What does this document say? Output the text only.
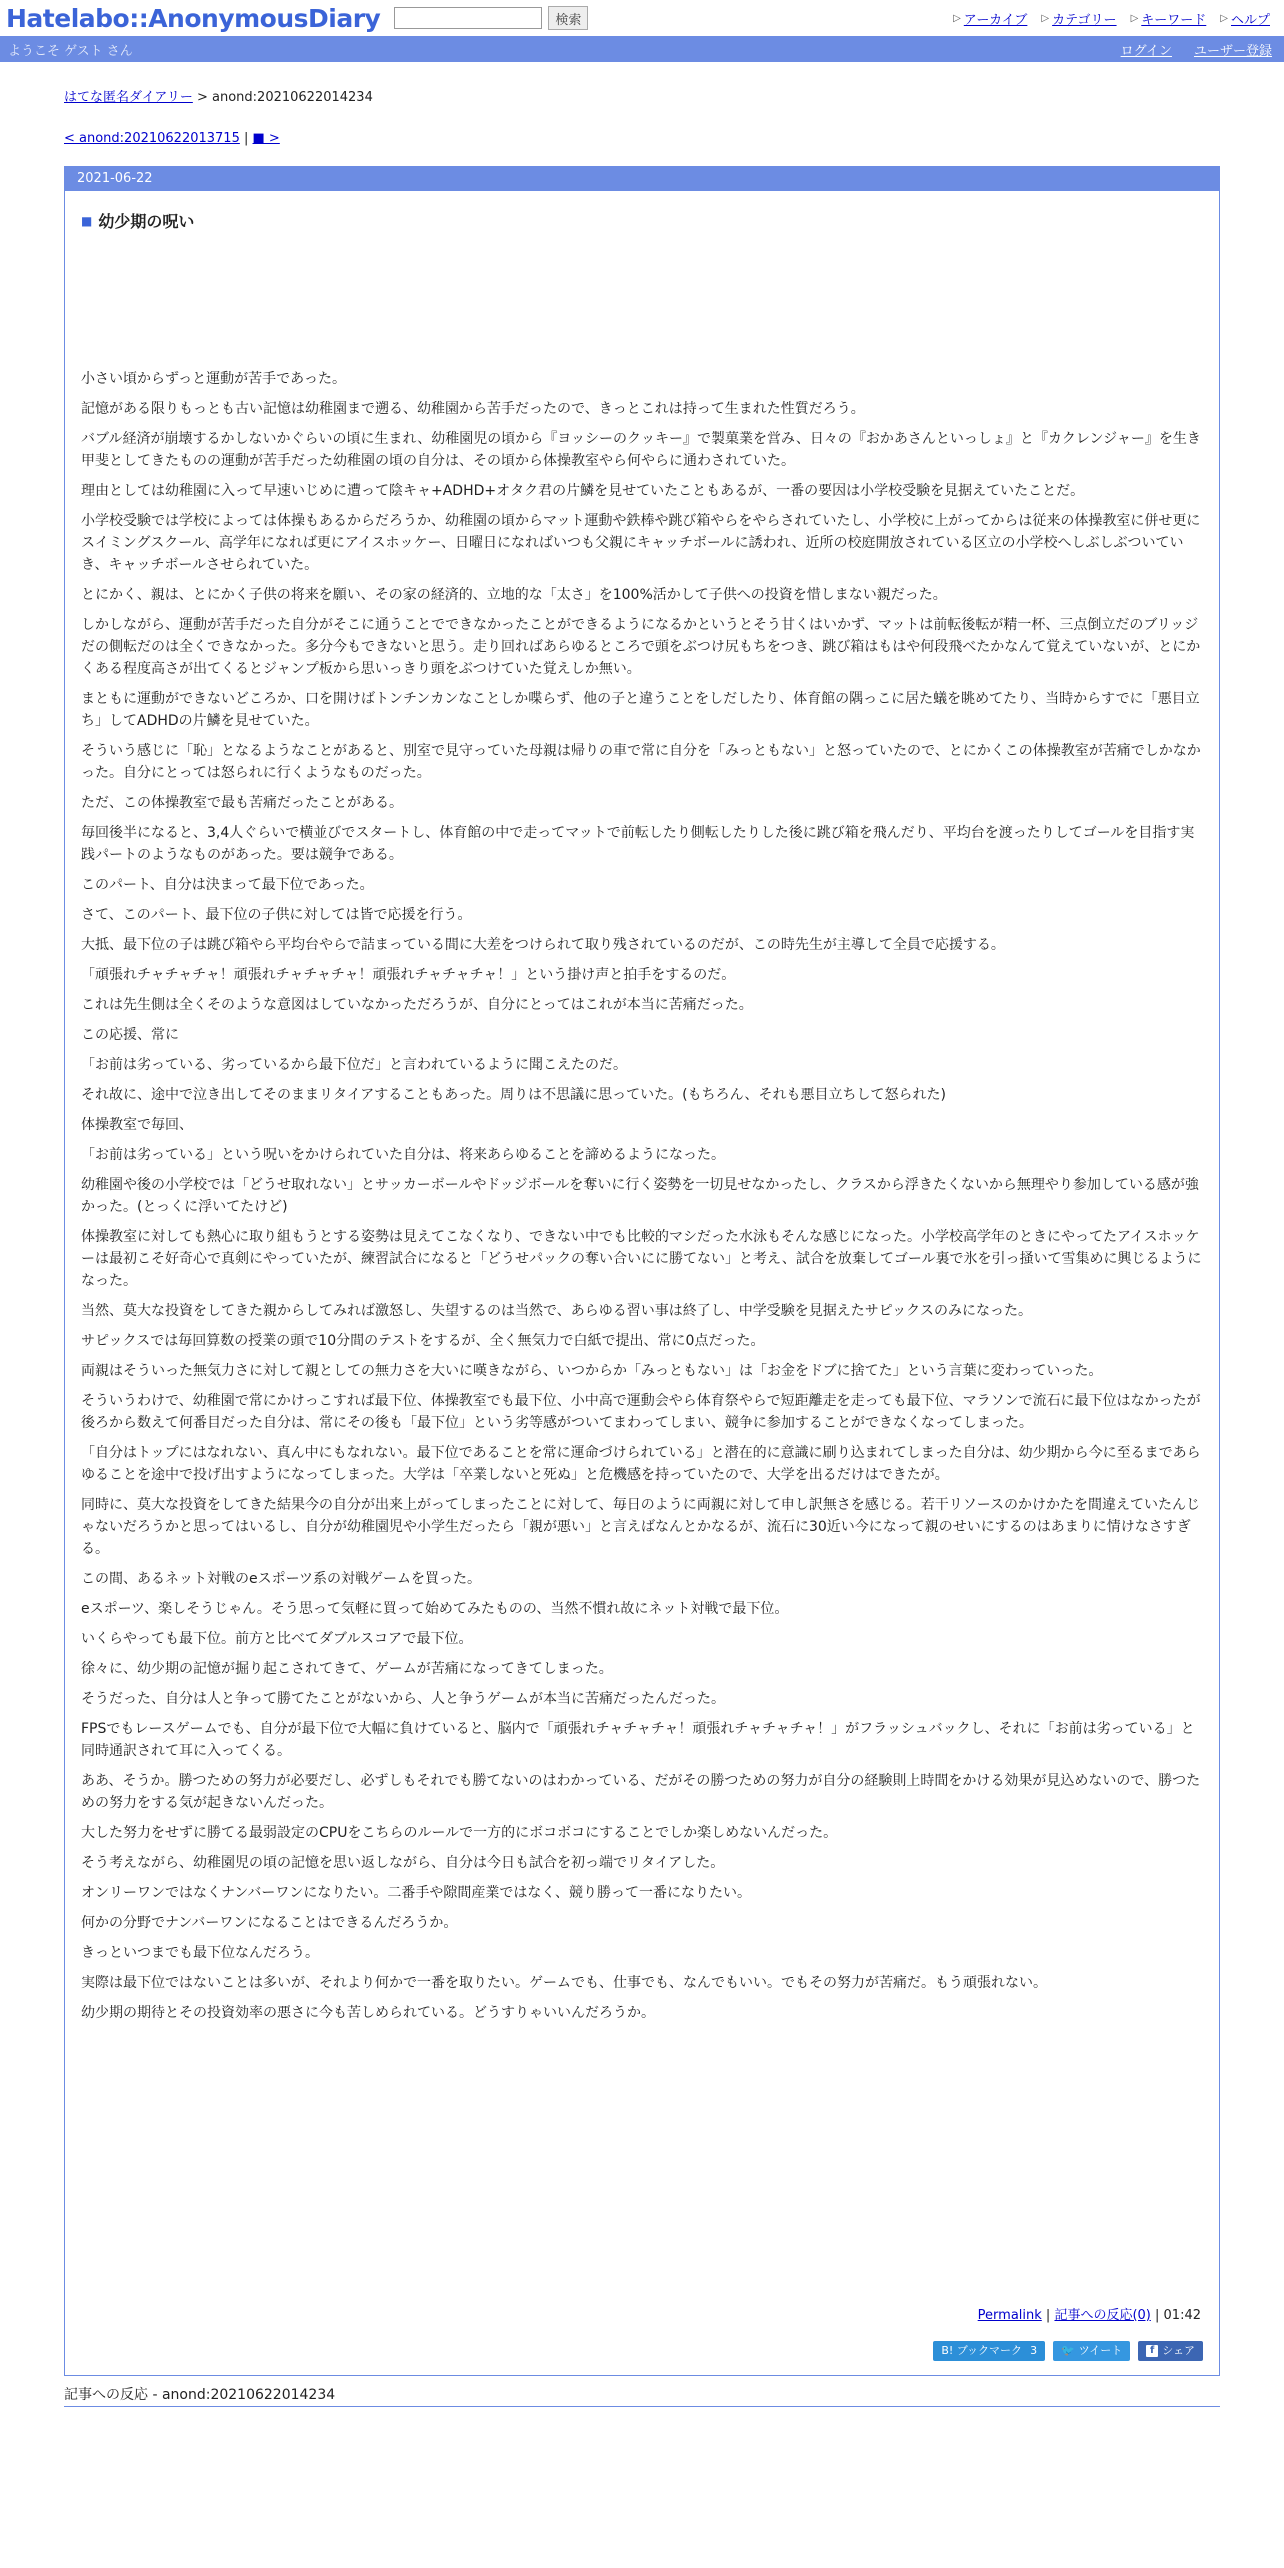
Hatelabo::AnonymousDiary	検索	▷ アーカイブ ▷ カテゴリー ▷ キーワード ▷ ヘルプ
ようこそ ゲスト さん	ログイン ユーザー登録
はてな匿名ダイアリー > anond:20210622014234
< anond:20210622013715 | ■ >
2021-06-22
■ 幼少期の呪い

小さい頃からずっと運動が苦手であった。

記憶がある限りもっとも古い記憶は幼稚園まで遡る、幼稚園から苦手だったので、きっとこれは持って生まれた性質だろう。

バブル経済が崩壊するかしないかぐらいの頃に生まれ、幼稚園児の頃から『ヨッシーのクッキー』で製菓業を営み、日々の『おかあさんといっしょ』と『カクレンジャー』を生き甲斐としてきたものの運動が苦手だった幼稚園の頃の自分は、その頃から体操教室やら何やらに通わされていた。

理由としては幼稚園に入って早速いじめに遭って陰キャ+ADHD+オタク君の片鱗を見せていたこともあるが、一番の要因は小学校受験を見据えていたことだ。

小学校受験では学校によっては体操もあるからだろうか、幼稚園の頃からマット運動や鉄棒や跳び箱やらをやらされていたし、小学校に上がってからは従来の体操教室に併せ更にスイミングスクール、高学年になれば更にアイスホッケー、日曜日になればいつも父親にキャッチボールに誘われ、近所の校庭開放されている区立の小学校へしぶしぶついていき、キャッチボールさせられていた。

とにかく、親は、とにかく子供の将来を願い、その家の経済的、立地的な「太さ」を100%活かして子供への投資を惜しまない親だった。

しかしながら、運動が苦手だった自分がそこに通うことでできなかったことができるようになるかというとそう甘くはいかず、マットは前転後転が精一杯、三点倒立だのブリッジだの側転だのは全くできなかった。多分今もできないと思う。走り回ればあらゆるところで頭をぶつけ尻もちをつき、跳び箱はもはや何段飛べたかなんて覚えていないが、とにかくある程度高さが出てくるとジャンプ板から思いっきり頭をぶつけていた覚えしか無い。

まともに運動ができないどころか、口を開けばトンチンカンなことしか喋らず、他の子と違うことをしだしたり、体育館の隅っこに居た蟻を眺めてたり、当時からすでに「悪目立ち」してADHDの片鱗を見せていた。

そういう感じに「恥」となるようなことがあると、別室で見守っていた母親は帰りの車で常に自分を「みっともない」と怒っていたので、とにかくこの体操教室が苦痛でしかなかった。自分にとっては怒られに行くようなものだった。

ただ、この体操教室で最も苦痛だったことがある。

毎回後半になると、3,4人ぐらいで横並びでスタートし、体育館の中で走ってマットで前転したり側転したりした後に跳び箱を飛んだり、平均台を渡ったりしてゴールを目指す実践パートのようなものがあった。要は競争である。

このパート、自分は決まって最下位であった。

さて、このパート、最下位の子供に対しては皆で応援を行う。

大抵、最下位の子は跳び箱やら平均台やらで詰まっている間に大差をつけられて取り残されているのだが、この時先生が主導して全員で応援する。

「頑張れチャチャチャ！頑張れチャチャチャ！頑張れチャチャチャ！」という掛け声と拍手をするのだ。

これは先生側は全くそのような意図はしていなかっただろうが、自分にとってはこれが本当に苦痛だった。

この応援、常に

「お前は劣っている、劣っているから最下位だ」と言われているように聞こえたのだ。

それ故に、途中で泣き出してそのままリタイアすることもあった。周りは不思議に思っていた。(もちろん、それも悪目立ちして怒られた)

体操教室で毎回、

「お前は劣っている」という呪いをかけられていた自分は、将来あらゆることを諦めるようになった。

幼稚園や後の小学校では「どうせ取れない」とサッカーボールやドッジボールを奪いに行く姿勢を一切見せなかったし、クラスから浮きたくないから無理やり参加している感が強かった。(とっくに浮いてたけど)

体操教室に対しても熱心に取り組もうとする姿勢は見えてこなくなり、できない中でも比較的マシだった水泳もそんな感じになった。小学校高学年のときにやってたアイスホッケーは最初こそ好奇心で真剣にやっていたが、練習試合になると「どうせパックの奪い合いにに勝てない」と考え、試合を放棄してゴール裏で氷を引っ掻いて雪集めに興じるようになった。

当然、莫大な投資をしてきた親からしてみれば激怒し、失望するのは当然で、あらゆる習い事は終了し、中学受験を見据えたサピックスのみになった。

サピックスでは毎回算数の授業の頭で10分間のテストをするが、全く無気力で白紙で提出、常に0点だった。

両親はそういった無気力さに対して親としての無力さを大いに嘆きながら、いつからか「みっともない」は「お金をドブに捨てた」という言葉に変わっていった。

そういうわけで、幼稚園で常にかけっこすれば最下位、体操教室でも最下位、小中高で運動会やら体育祭やらで短距離走を走っても最下位、マラソンで流石に最下位はなかったが後ろから数えて何番目だった自分は、常にその後も「最下位」という劣等感がついてまわってしまい、競争に参加することができなくなってしまった。

「自分はトップにはなれない、真ん中にもなれない。最下位であることを常に運命づけられている」と潜在的に意識に刷り込まれてしまった自分は、幼少期から今に至るまであらゆることを途中で投げ出すようになってしまった。大学は「卒業しないと死ぬ」と危機感を持っていたので、大学を出るだけはできたが。

同時に、莫大な投資をしてきた結果今の自分が出来上がってしまったことに対して、毎日のように両親に対して申し訳無さを感じる。若干リソースのかけかたを間違えていたんじゃないだろうかと思ってはいるし、自分が幼稚園児や小学生だったら「親が悪い」と言えばなんとかなるが、流石に30近い今になって親のせいにするのはあまりに情けなさすぎる。

この間、あるネット対戦のeスポーツ系の対戦ゲームを買った。

eスポーツ、楽しそうじゃん。そう思って気軽に買って始めてみたものの、当然不慣れ故にネット対戦で最下位。

いくらやっても最下位。前方と比べてダブルスコアで最下位。

徐々に、幼少期の記憶が掘り起こされてきて、ゲームが苦痛になってきてしまった。

そうだった、自分は人と争って勝てたことがないから、人と争うゲームが本当に苦痛だったんだった。

FPSでもレースゲームでも、自分が最下位で大幅に負けていると、脳内で「頑張れチャチャチャ！頑張れチャチャチャ！」がフラッシュバックし、それに「お前は劣っている」と同時通訳されて耳に入ってくる。

ああ、そうか。勝つための努力が必要だし、必ずしもそれでも勝てないのはわかっている、だがその勝つための努力が自分の経験則上時間をかける効果が見込めないので、勝つための努力をする気が起きないんだった。

大した努力をせずに勝てる最弱設定のCPUをこちらのルールで一方的にボコボコにすることでしか楽しめないんだった。

そう考えながら、幼稚園児の頃の記憶を思い返しながら、自分は今日も試合を初っ端でリタイアした。

オンリーワンではなくナンバーワンになりたい。二番手や隙間産業ではなく、競り勝って一番になりたい。

何かの分野でナンバーワンになることはできるんだろうか。

きっといつまでも最下位なんだろう。

実際は最下位ではないことは多いが、それより何かで一番を取りたい。ゲームでも、仕事でも、なんでもいい。でもその努力が苦痛だ。もう頑張れない。

幼少期の期待とその投資効率の悪さに今も苦しめられている。どうすりゃいいんだろうか。

Permalink | 記事への反応(0) | 01:42
B! ブックマーク 3 🐦 ツイート	f シェア
記事への反応 - anond:20210622014234
